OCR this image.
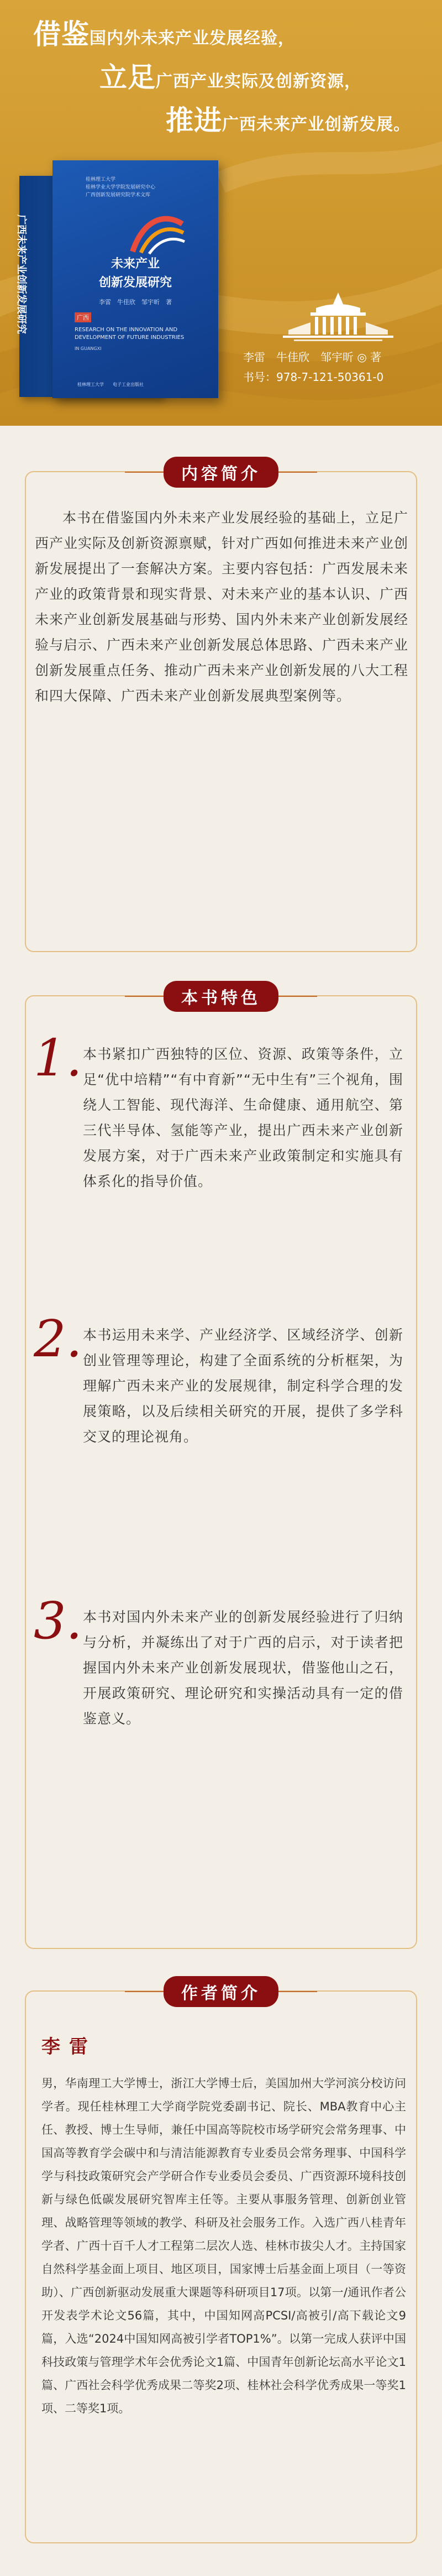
借鉴国内外未来产业发展经验，
立足广西产业实际及创新资源，
推进广西未来产业创新发展。
广西未来产业创新发展研究
桂林理工大学
桂林学业大学学院发展研究中心
广西创新发展研究院学术文库
未来产业
创新发展研究
李雷　牛佳欣　邹宇昕　著
广西
RESEARCH ON THE INNOVATION AND DEVELOPMENT OF FUTURE INDUSTRIES
IN GUANGXI
桂林理工大学　　电子工业出版社
李雷　牛佳欣　邹宇昕 ◎ 著
书号：978-7-121-50361-0
内容简介
本书在借鉴国内外未来产业发展经验的基础上，立足广西产业实际及创新资源禀赋，针对广西如何推进未来产业创新发展提出了一套解决方案。主要内容包括：广西发展未来产业的政策背景和现实背景、对未来产业的基本认识、广西未来产业创新发展基础与形势、国内外未来产业创新发展经验与启示、广西未来产业创新发展总体思路、广西未来产业创新发展重点任务、推动广西未来产业创新发展的八大工程和四大保障、广西未来产业创新发展典型案例等。
本书特色
1. 本书紧扣广西独特的区位、资源、政策等条件，立足“优中培精”“有中育新”“无中生有”三个视角，围绕人工智能、现代海洋、生命健康、通用航空、第三代半导体、氢能等产业，提出广西未来产业创新发展方案，对于广西未来产业政策制定和实施具有体系化的指导价值。
2. 本书运用未来学、产业经济学、区域经济学、创新创业管理等理论，构建了全面系统的分析框架，为理解广西未来产业的发展规律，制定科学合理的发展策略，以及后续相关研究的开展，提供了多学科交叉的理论视角。
3. 本书对国内外未来产业的创新发展经验进行了归纳与分析，并凝练出了对于广西的启示，对于读者把握国内外未来产业创新发展现状，借鉴他山之石，开展政策研究、理论研究和实操活动具有一定的借鉴意义。
作者简介
李雷
男，华南理工大学博士，浙江大学博士后，美国加州大学河滨分校访问学者。现任桂林理工大学商学院党委副书记、院长、MBA教育中心主任、教授、博士生导师，兼任中国高等院校市场学研究会常务理事、中国高等教育学会碳中和与清洁能源教育专业委员会常务理事、中国科学学与科技政策研究会产学研合作专业委员会委员、广西资源环境科技创新与绿色低碳发展研究智库主任等。主要从事服务管理、创新创业管理、战略管理等领域的教学、科研及社会服务工作。入选广西八桂青年学者、广西十百千人才工程第二层次人选、桂林市拔尖人才。主持国家自然科学基金面上项目、地区项目，国家博士后基金面上项目（一等资助）、广西创新驱动发展重大课题等科研项目17项。以第一/通讯作者公开发表学术论文56篇，其中，中国知网高PCSI/高被引/高下载论文9篇，入选“2024中国知网高被引学者TOP1%”。以第一完成人获评中国科技政策与管理学术年会优秀论文1篇、中国青年创新论坛高水平论文1篇、广西社会科学优秀成果二等奖2项、桂林社会科学优秀成果一等奖1项、二等奖1项。
